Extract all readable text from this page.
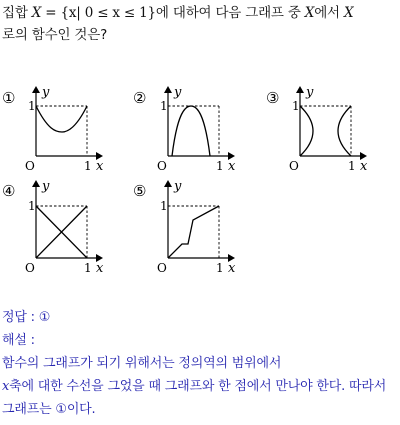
집합 X = {x| 0 ≤ x ≤ 1}에 대하여 다음 그래프 중 X에서 X
로의 함수인 것은?
① y
1
O	1 x
② y
1
O	1 x
③ y
1
O	1 x
④ y
1
O	1 x
⑤ y
1
O	1 x
정답 : ①
해설 :
함수의 그래프가 되기 위해서는 정의역의 범위에서
x축에 대한 수선을 그었을 때 그래프와 한 점에서 만나야 한다. 따라서
그래프는 ①이다.
